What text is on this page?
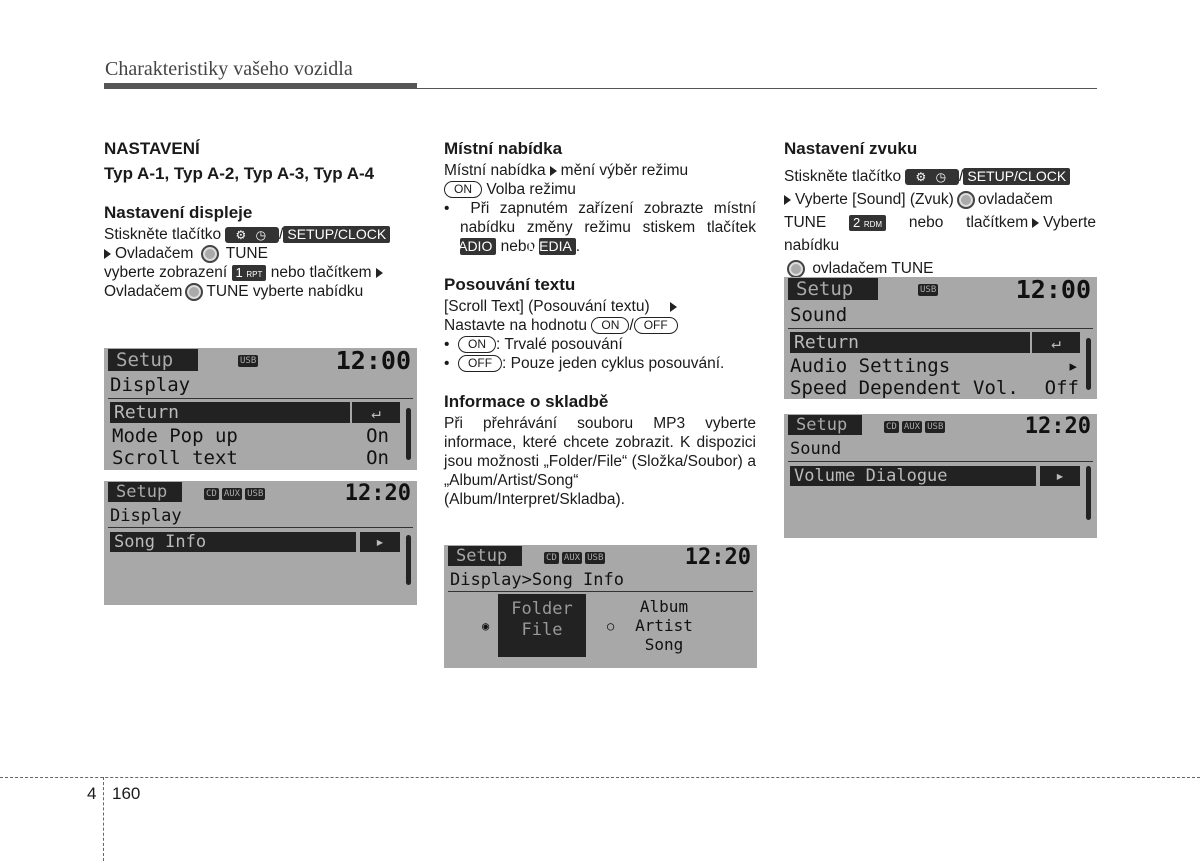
Charakteristiky vašeho vozidla
NASTAVENÍ
Typ A-1, Typ A-2, Typ A-3, Typ A-4
Nastavení displeje

Stiskněte tlačítko ⚙ ◷ / SETUP/CLOCK
Ovladačem TUNE
vyberte zobrazení 1 RPT nebo tlačítkem
Ovladačem TUNE vyberte nabídku

Setup	USB	12:00
Display
Return	↵
Mode Pop up	On
Scroll text	On
Setup	CD AUX USB	12:20
Display
Song Info	▸
Místní nabídka

Místní nabídka mění výběr režimu
ON Volba režimu

•  Při zapnutém zařízení zobrazte místní nabídku změny režimu stiskem tlačítek RADIO nebo MEDIA .

Posouvání textu

[Scroll Text] (Posouvání textu)
Nastavte na hodnotu ON / OFF

•  ON : Trvalé posouvání

•  OFF : Pouze jeden cyklus posouvání.

Informace o skladbě

Při přehrávání souboru MP3 vyberte informace, které chcete zobrazit. K dispozici jsou možnosti „Folder/File“ (Složka/Soubor) a „Album/Artist/Song“ (Album/Interpret/Skladba).

Setup	CD AUX USB	12:20
Display>Song Info
◉
Folder
File	○
Album
Artist
Song
Nastavení zvuku

Stiskněte tlačítko ⚙ ◷ / SETUP/CLOCK
Vyberte [Sound] (Zvuk) ovladačem
TUNE 2 RDM nebo tlačítkem Vyberte nabídku
ovladačem TUNE

Setup	USB	12:00
Sound
Return	↵
Audio Settings	▸
Speed Dependent Vol. Off
Setup	CD AUX USB	12:20
Sound
Volume Dialogue	▸
4 160
